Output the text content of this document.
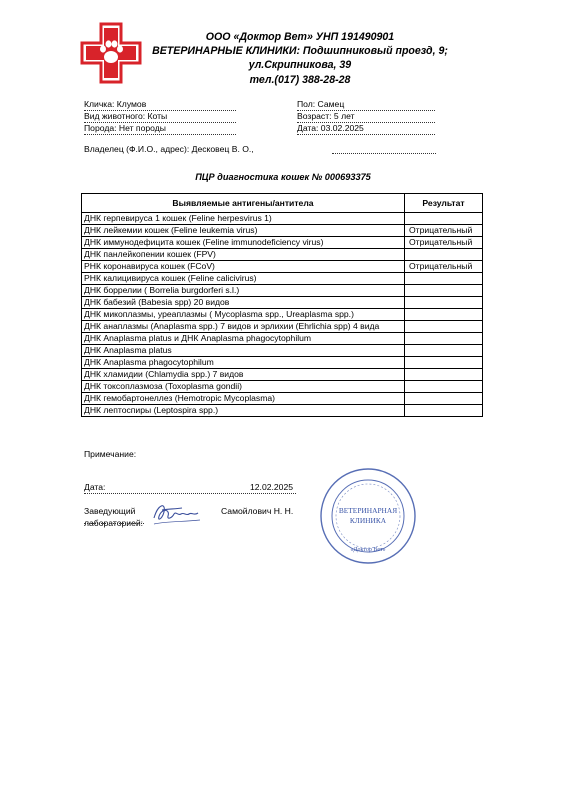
ООО «Доктор Вет» УНП 191490901
ВЕТЕРИНАРНЫЕ КЛИНИКИ: Подшипниковый проезд, 9;
ул.Скрипникова, 39
тел.(017) 388-28-28
Кличка: Клумов
Вид животного: Коты
Порода: Нет породы
Пол: Самец
Возраст: 5 лет
Дата: 03.02.2025
Владелец (Ф.И.О., адрес): Десковец В. О.,
ПЦР диагностика кошек № 000693375
Выявляемые антигены/антитела	Результат
ДНК герпевируса 1 кошек (Feline herpesvirus 1)	
ДНК лейкемии кошек (Feline leukemia virus)	Отрицательный
ДНК иммунодефицита кошек (Feline immunodeficiency virus)	Отрицательный
ДНК панлейкопении кошек (FPV)	
РНК коронавируса кошек (FCoV)	Отрицательный
РНК калицивируса кошек (Feline calicivirus)	
ДНК боррелии ( Borrelia burgdorferi s.l.)	
ДНК бабезий (Babesia spp) 20 видов	
ДНК микоплазмы, уреаплазмы ( Mycoplasma spp., Ureaplasma spp.)	
ДНК анаплазмы (Anaplasma spp.) 7 видов и эрлихии (Ehrlichia spp) 4 вида	
ДНК Anaplasma platus и ДНК Anaplasma phagocytophilum	
ДНК Anaplasma platus	
ДНК Anaplasma phagocytophilum	
ДНК хламидии (Chlamydia spp.) 7 видов	
ДНК токсоплазмоза (Toxoplasma gondii)	
ДНК гемобартонеллез (Hemotropic Mycoplasma)	
ДНК лептоспиры (Leptospira spp.)	
Примечание:
Дата:	12.02.2025
Заведующий
лабораторией:
Самойлович Н. Н.	ВЕТЕРИНАРНАЯ
КЛИНИКА
«Доктор Вет»
